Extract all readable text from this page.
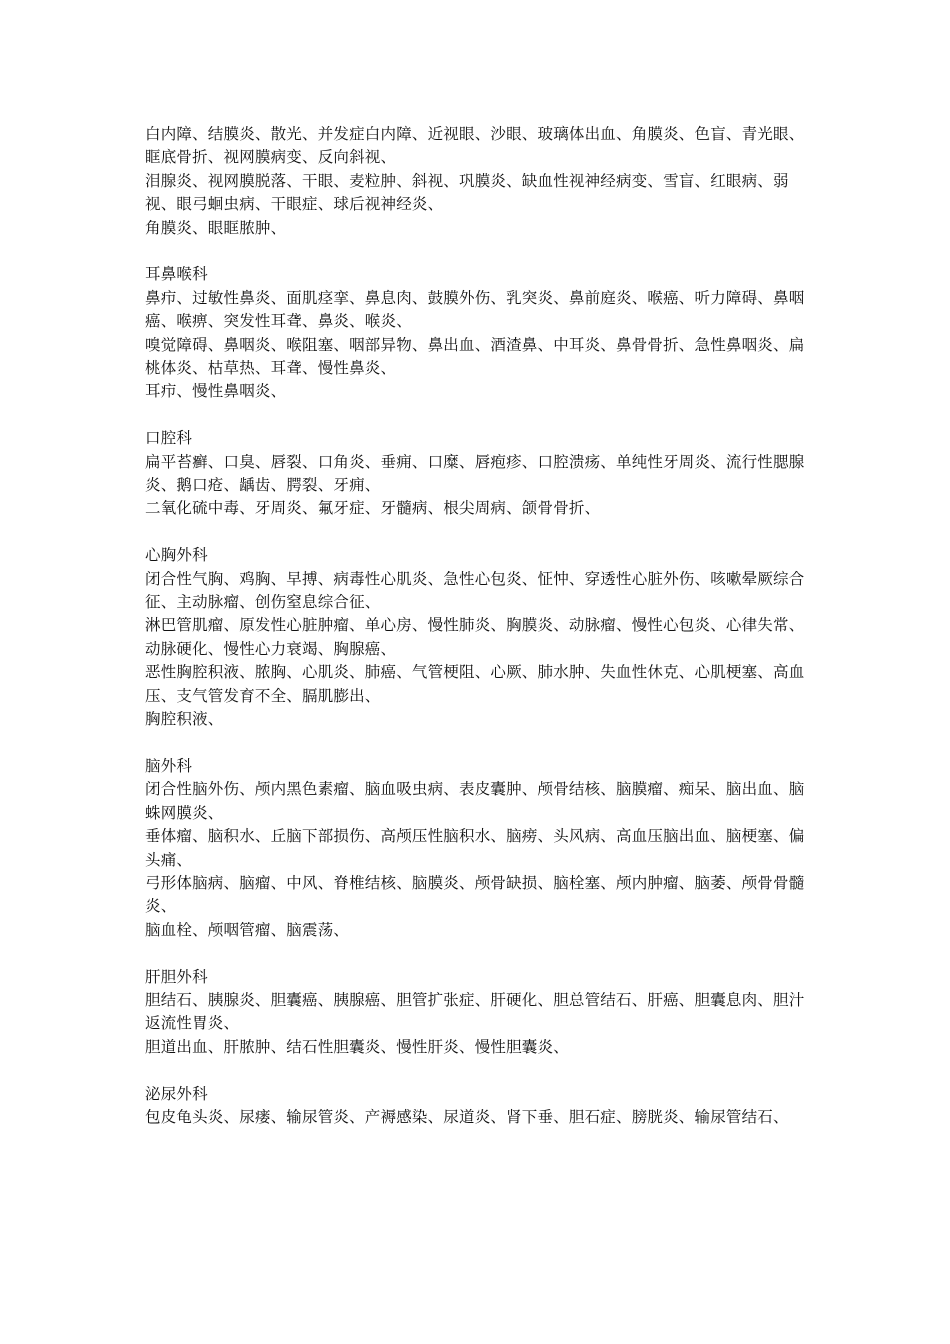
白内障、结膜炎、散光、并发症白内障、近视眼、沙眼、玻璃体出血、角膜炎、色盲、青光眼、眶底骨折、视网膜病变、反向斜视、
泪腺炎、视网膜脱落、干眼、麦粒肿、斜视、巩膜炎、缺血性视神经病变、雪盲、红眼病、弱视、眼弓蛔虫病、干眼症、球后视神经炎、
角膜炎、眼眶脓肿、
耳鼻喉科
鼻疖、过敏性鼻炎、面肌痉挛、鼻息肉、鼓膜外伤、乳突炎、鼻前庭炎、喉癌、听力障碍、鼻咽癌、喉痹、突发性耳聋、鼻炎、喉炎、
嗅觉障碍、鼻咽炎、喉阻塞、咽部异物、鼻出血、酒渣鼻、中耳炎、鼻骨骨折、急性鼻咽炎、扁桃体炎、枯草热、耳聋、慢性鼻炎、
耳疖、慢性鼻咽炎、
口腔科
扁平苔癣、口臭、唇裂、口角炎、垂痈、口糜、唇疱疹、口腔溃疡、单纯性牙周炎、流行性腮腺炎、鹅口疮、龋齿、腭裂、牙痈、
二氧化硫中毒、牙周炎、氟牙症、牙髓病、根尖周病、颌骨骨折、
心胸外科
闭合性气胸、鸡胸、早搏、病毒性心肌炎、急性心包炎、怔忡、穿透性心脏外伤、咳嗽晕厥综合征、主动脉瘤、创伤窒息综合征、
淋巴管肌瘤、原发性心脏肿瘤、单心房、慢性肺炎、胸膜炎、动脉瘤、慢性心包炎、心律失常、动脉硬化、慢性心力衰竭、胸腺癌、
恶性胸腔积液、脓胸、心肌炎、肺癌、气管梗阻、心厥、肺水肿、失血性休克、心肌梗塞、高血压、支气管发育不全、膈肌膨出、
胸腔积液、
脑外科
闭合性脑外伤、颅内黑色素瘤、脑血吸虫病、表皮囊肿、颅骨结核、脑膜瘤、痴呆、脑出血、脑蛛网膜炎、
垂体瘤、脑积水、丘脑下部损伤、高颅压性脑积水、脑痨、头风病、高血压脑出血、脑梗塞、偏头痛、
弓形体脑病、脑瘤、中风、脊椎结核、脑膜炎、颅骨缺损、脑栓塞、颅内肿瘤、脑萎、颅骨骨髓炎、
脑血栓、颅咽管瘤、脑震荡、
肝胆外科
胆结石、胰腺炎、胆囊癌、胰腺癌、胆管扩张症、肝硬化、胆总管结石、肝癌、胆囊息肉、胆汁返流性胃炎、
胆道出血、肝脓肿、结石性胆囊炎、慢性肝炎、慢性胆囊炎、
泌尿外科
包皮龟头炎、尿瘘、输尿管炎、产褥感染、尿道炎、肾下垂、胆石症、膀胱炎、输尿管结石、
